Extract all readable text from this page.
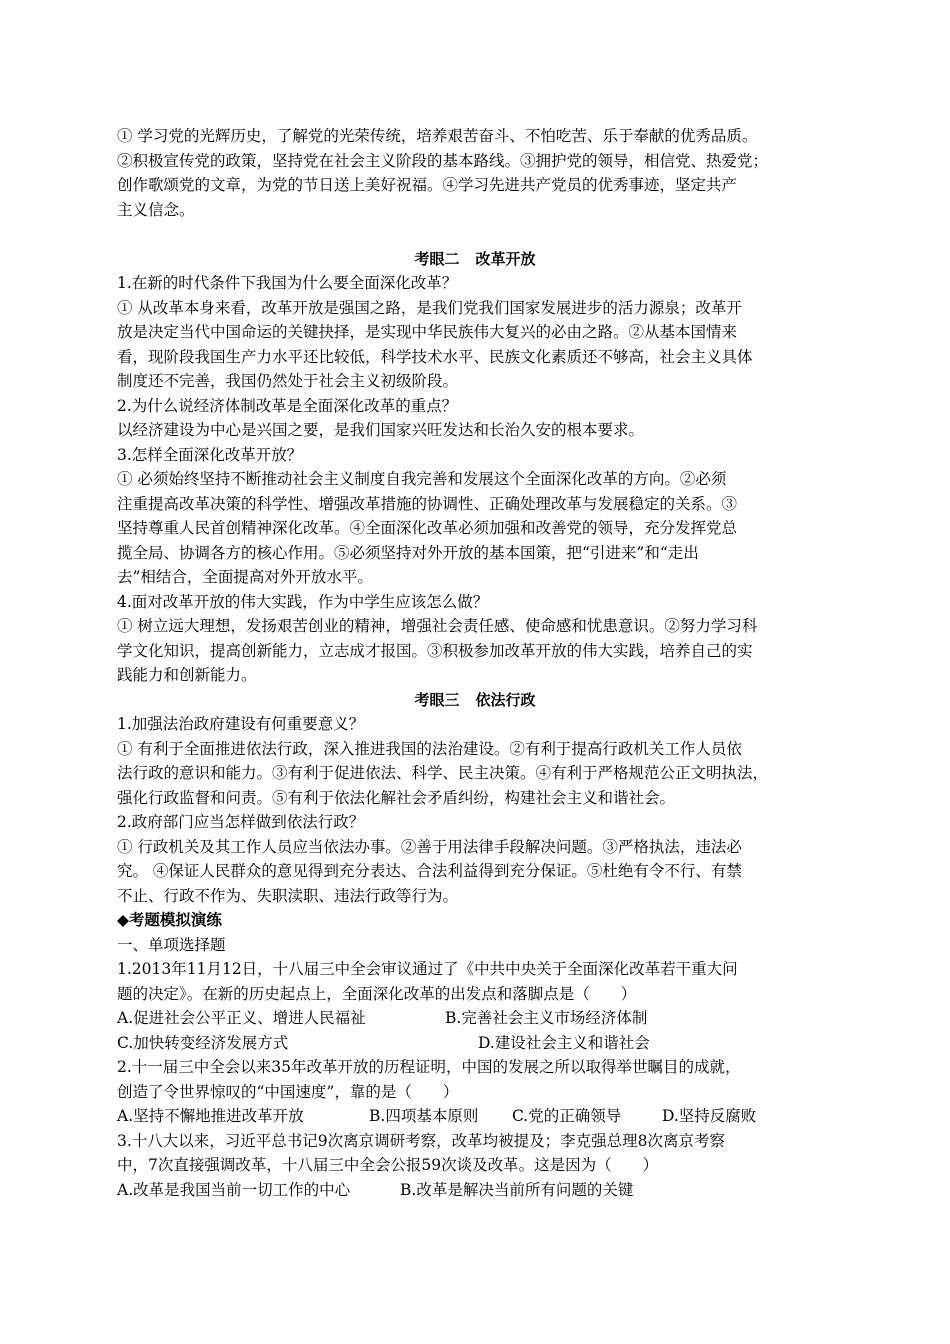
① 学习党的光辉历史，了解党的光荣传统，培养艰苦奋斗、不怕吃苦、乐于奉献的优秀品质。
②积极宣传党的政策，坚持党在社会主义阶段的基本路线。③拥护党的领导，相信党、热爱党；
创作歌颂党的文章，为党的节日送上美好祝福。④学习先进共产党员的优秀事迹，坚定共产
主义信念。
考眼二 改革开放
1.在新的时代条件下我国为什么要全面深化改革？
① 从改革本身来看，改革开放是强国之路，是我们党我们国家发展进步的活力源泉；改革开
放是决定当代中国命运的关键抉择，是实现中华民族伟大复兴的必由之路。②从基本国情来
看，现阶段我国生产力水平还比较低，科学技术水平、民族文化素质还不够高，社会主义具体
制度还不完善，我国仍然处于社会主义初级阶段。
2.为什么说经济体制改革是全面深化改革的重点？
以经济建设为中心是兴国之要，是我们国家兴旺发达和长治久安的根本要求。
3.怎样全面深化改革开放？
① 必须始终坚持不断推动社会主义制度自我完善和发展这个全面深化改革的方向。②必须
注重提高改革决策的科学性、增强改革措施的协调性、正确处理改革与发展稳定的关系。③
坚持尊重人民首创精神深化改革。④全面深化改革必须加强和改善党的领导，充分发挥党总
揽全局、协调各方的核心作用。⑤必须坚持对外开放的基本国策，把“引进来”和“走出
去”相结合，全面提高对外开放水平。
4.面对改革开放的伟大实践，作为中学生应该怎么做？
① 树立远大理想，发扬艰苦创业的精神，增强社会责任感、使命感和忧患意识。②努力学习科
学文化知识，提高创新能力，立志成才报国。③积极参加改革开放的伟大实践，培养自己的实
践能力和创新能力。
考眼三 依法行政
1.加强法治政府建设有何重要意义？
① 有利于全面推进依法行政，深入推进我国的法治建设。②有利于提高行政机关工作人员依
法行政的意识和能力。③有利于促进依法、科学、民主决策。④有利于严格规范公正文明执法，
强化行政监督和问责。⑤有利于依法化解社会矛盾纠纷，构建社会主义和谐社会。
2.政府部门应当怎样做到依法行政？
① 行政机关及其工作人员应当依法办事。②善于用法律手段解决问题。③严格执法，违法必
究。 ④保证人民群众的意见得到充分表达、合法利益得到充分保证。⑤杜绝有令不行、有禁
不止、行政不作为、失职渎职、违法行政等行为。
◆考题模拟演练
一、单项选择题
1.2013年11月12日，十八届三中全会审议通过了《中共中央关于全面深化改革若干重大问
题的决定》。在新的历史起点上，全面深化改革的出发点和落脚点是（　　）
A.促进社会公平正义、增进人民福祉	B.完善社会主义市场经济体制
C.加快转变经济发展方式	D.建设社会主义和谐社会
2.十一届三中全会以来35年改革开放的历程证明，中国的发展之所以取得举世瞩目的成就，
创造了令世界惊叹的“中国速度”，靠的是（　　）
A.坚持不懈地推进改革开放	B.四项基本原则	C.党的正确领导	D.坚持反腐败
3.十八大以来，习近平总书记9次离京调研考察，改革均被提及；李克强总理8次离京考察
中，7次直接强调改革，十八届三中全会公报59次谈及改革。这是因为（　　）
A.改革是我国当前一切工作的中心	B.改革是解决当前所有问题的关键
